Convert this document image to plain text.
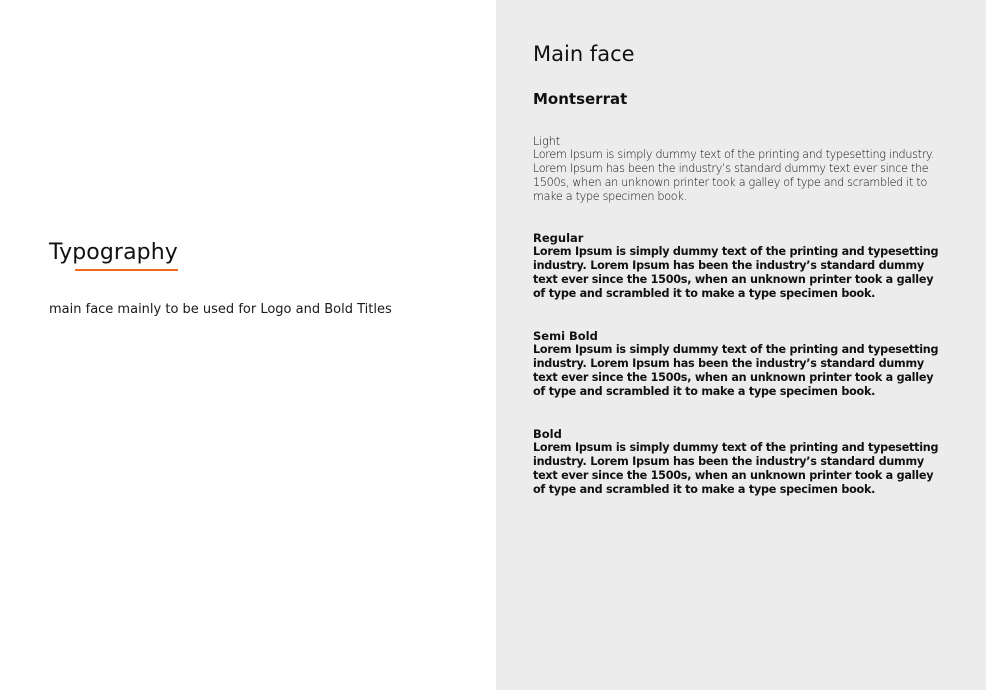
Typography

main face mainly to be used for Logo and Bold Titles

Main face
Montserrat
Light
Lorem Ipsum is simply dummy text of the printing and typesetting industry. Lorem Ipsum has been the industry’s standard dummy text ever since the 1500s, when an unknown printer took a galley of type and scrambled it to make a type specimen book.
Regular
Lorem Ipsum is simply dummy text of the printing and typesetting industry. Lorem Ipsum has been the industry’s standard dummy text ever since the 1500s, when an unknown printer took a galley of type and scrambled it to make a type specimen book.
Semi Bold
Lorem Ipsum is simply dummy text of the printing and typesetting industry. Lorem Ipsum has been the industry’s standard dummy text ever since the 1500s, when an unknown printer took a galley of type and scrambled it to make a type specimen book.
Bold
Lorem Ipsum is simply dummy text of the printing and typesetting industry. Lorem Ipsum has been the industry’s standard dummy text ever since the 1500s, when an unknown printer took a galley of type and scrambled it to make a type specimen book.
